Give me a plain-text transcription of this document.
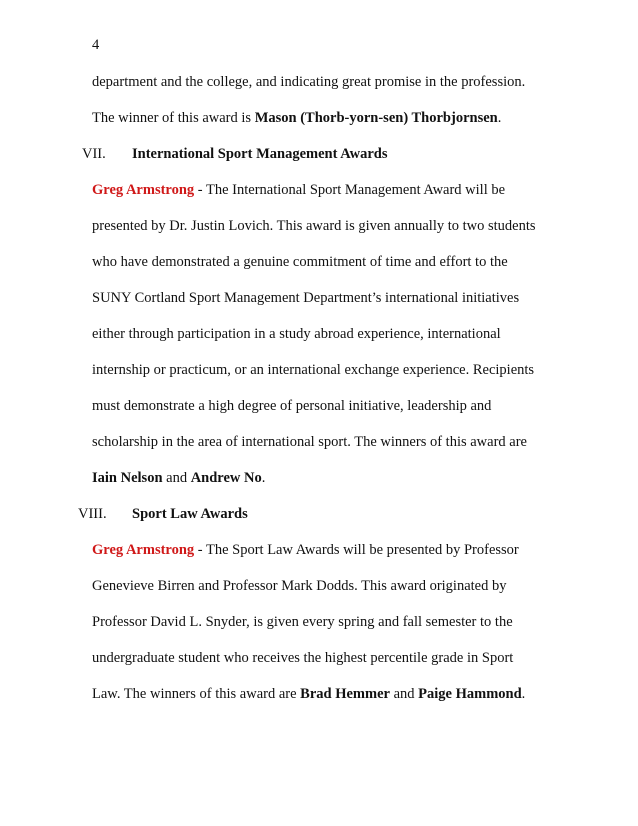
4
department and the college, and indicating great promise in the profession.
The winner of this award is Mason (Thorb-yorn-sen) Thorbjornsen.
VII. International Sport Management Awards
Greg Armstrong - The International Sport Management Award will be
presented by Dr. Justin Lovich. This award is given annually to two students
who have demonstrated a genuine commitment of time and effort to the
SUNY Cortland Sport Management Department’s international initiatives
either through participation in a study abroad experience, international
internship or practicum, or an international exchange experience. Recipients
must demonstrate a high degree of personal initiative, leadership and
scholarship in the area of international sport. The winners of this award are
Iain Nelson and Andrew No.
VIII. Sport Law Awards
Greg Armstrong - The Sport Law Awards will be presented by Professor
Genevieve Birren and Professor Mark Dodds. This award originated by
Professor David L. Snyder, is given every spring and fall semester to the
undergraduate student who receives the highest percentile grade in Sport
Law. The winners of this award are Brad Hemmer and Paige Hammond.
